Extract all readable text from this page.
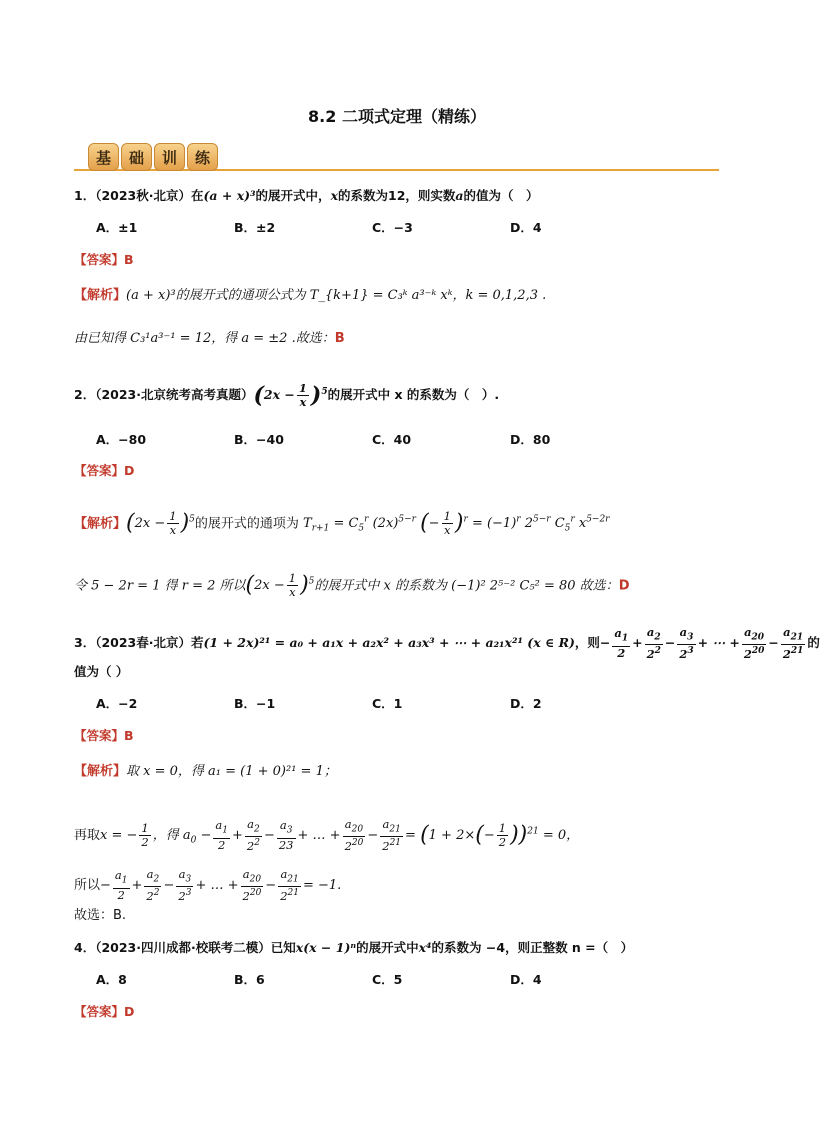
8.2 二项式定理（精练）
基	础	训	练
1．（2023秋·北京）在(a + x)³的展开式中，x的系数为12，则实数a的值为（　）
A．±1	B．±2	C．−3	D．4
【答案】B
【解析】(a + x)³的展开式的通项公式为 T_{k+1} = C₃ᵏ a³⁻ᵏ xᵏ，k = 0,1,2,3 .
由已知得 C₃¹a³⁻¹ = 12，得 a = ±2 .故选：B
2．（2023·北京统考高考真题）$(2x - \frac{1}{x} )^5$的展开式中 x 的系数为（　）.
A．−80	B．−40	C．40	D．80
【答案】D
【解析】$(2x - \frac{1}{x} )^5$的展开式的通项为 $T_{r+1} = C_5^r$ $(2x)^{5-r}$ (− $\frac{1}{x} )^r = (-1)^r$ $2^{5-r}$ $C_5^r$ $x^{5-2r}$
令 5 − 2r = 1 得 r = 2 所以$(2x - \frac{1}{x} )^5$的展开式中 x 的系数为 (−1)² 2⁵⁻² C₅² = 80 故选：D
3．（2023春·北京）若(1 + 2x)²¹ = a₀ + a₁x + a₂x² + a₃x³ + ⋯ + a₂₁x²¹ (x ∈ R)，则− $\frac{a_1}{2} + \frac{a_2}{2^2} - \frac{a_3}{2^3}$ + ⋯ + $\frac{a_{20}}{2^{20}} - \frac{a_{21}}{2^{21}}$ 的
值为（ ）
A．−2	B．−1	C．1	D．2
【答案】B
【解析】取 x = 0，得 a₁ = (1 + 0)²¹ = 1；
再取x = − $\frac{1}{2}$ ，得 $a_0 - \frac{a_1}{2} + \frac{a_2}{2^2} - \frac{a_3}{23}$ + … + $\frac{a_{20}}{2^{20}} - \frac{a_{21}}{2^{21}} = (1 + 2\times(- \frac{1}{2} ))^{21} = 0$，
所以− $\frac{a_1}{2} + \frac{a_2}{2^2} - \frac{a_3}{2^3}$ + … + $\frac{a_{20}}{2^{20}} - \frac{a_{21}}{2^{21}} = -1$.
故选：B.
4．（2023·四川成都·校联考二模）已知x(x − 1)ⁿ的展开式中x⁴的系数为 −4，则正整数 n =（　）
A．8	B．6	C．5	D．4
【答案】D
